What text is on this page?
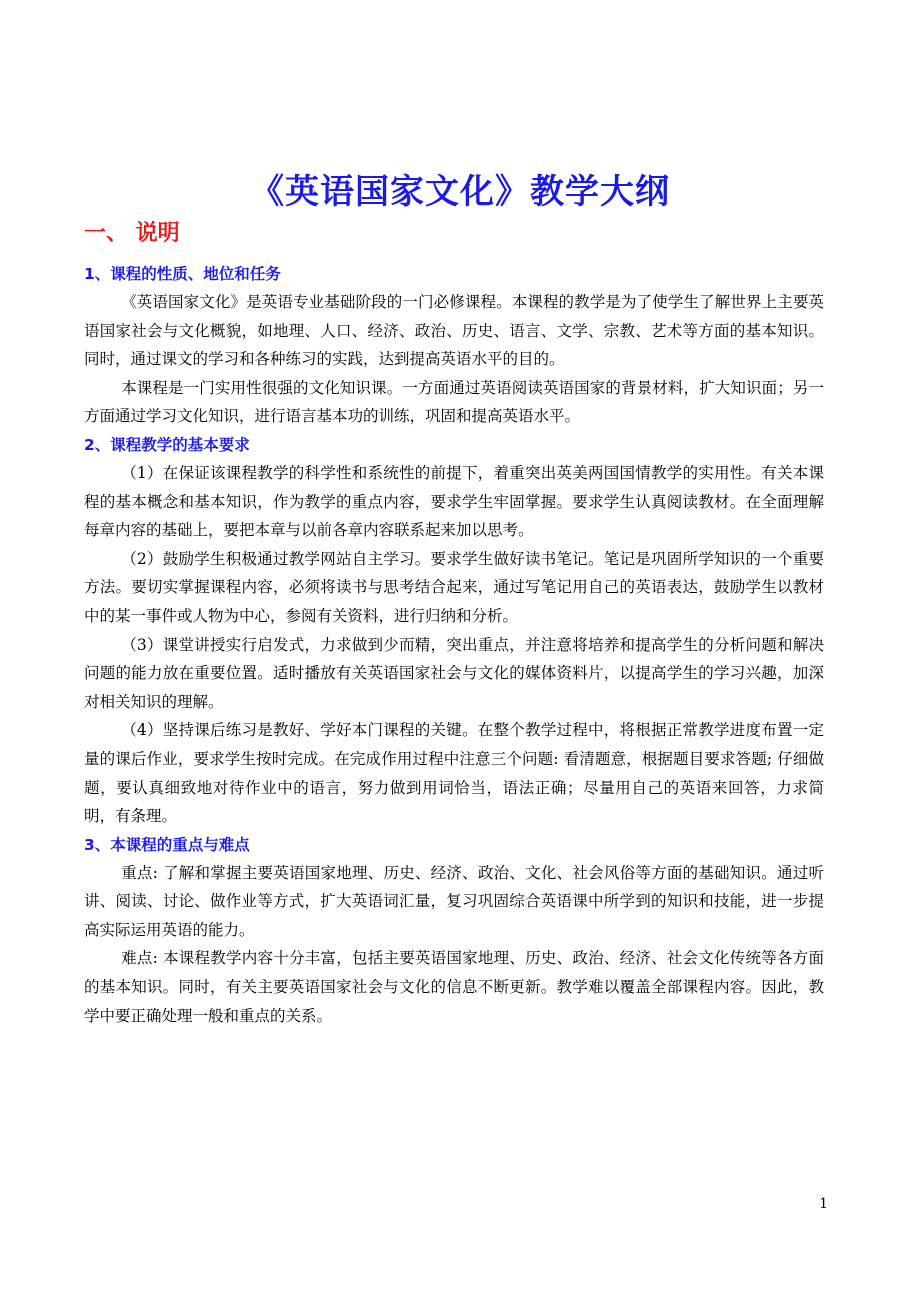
《英语国家文化》教学大纲
一、 说明
1、课程的性质、地位和任务

《英语国家文化》是英语专业基础阶段的一门必修课程。本课程的教学是为了使学生了解世界上主要英语国家社会与文化概貌，如地理、人口、经济、政治、历史、语言、文学、宗教、艺术等方面的基本知识。同时，通过课文的学习和各种练习的实践，达到提高英语水平的目的。

本课程是一门实用性很强的文化知识课。一方面通过英语阅读英语国家的背景材料，扩大知识面；另一方面通过学习文化知识，进行语言基本功的训练，巩固和提高英语水平。

2、课程教学的基本要求

（1）在保证该课程教学的科学性和系统性的前提下，着重突出英美两国国情教学的实用性。有关本课程的基本概念和基本知识，作为教学的重点内容，要求学生牢固掌握。要求学生认真阅读教材。在全面理解每章内容的基础上，要把本章与以前各章内容联系起来加以思考。

（2）鼓励学生积极通过教学网站自主学习。要求学生做好读书笔记。笔记是巩固所学知识的一个重要方法。要切实掌握课程内容，必须将读书与思考结合起来，通过写笔记用自己的英语表达，鼓励学生以教材中的某一事件或人物为中心，参阅有关资料，进行归纳和分析。

（3）课堂讲授实行启发式，力求做到少而精，突出重点，并注意将培养和提高学生的分析问题和解决问题的能力放在重要位置。适时播放有关英语国家社会与文化的媒体资料片，以提高学生的学习兴趣，加深对相关知识的理解。

（4）坚持课后练习是教好、学好本门课程的关键。在整个教学过程中，将根据正常教学进度布置一定量的课后作业，要求学生按时完成。在完成作用过程中注意三个问题: 看清题意，根据题目要求答题; 仔细做题，要认真细致地对待作业中的语言，努力做到用词恰当，语法正确；尽量用自己的英语来回答，力求简明，有条理。

3、本课程的重点与难点

重点: 了解和掌握主要英语国家地理、历史、经济、政治、文化、社会风俗等方面的基础知识。通过听讲、阅读、讨论、做作业等方式，扩大英语词汇量，复习巩固综合英语课中所学到的知识和技能，进一步提高实际运用英语的能力。

难点: 本课程教学内容十分丰富，包括主要英语国家地理、历史、政治、经济、社会文化传统等各方面的基本知识。同时，有关主要英语国家社会与文化的信息不断更新。教学难以覆盖全部课程内容。因此，教学中要正确处理一般和重点的关系。

1
